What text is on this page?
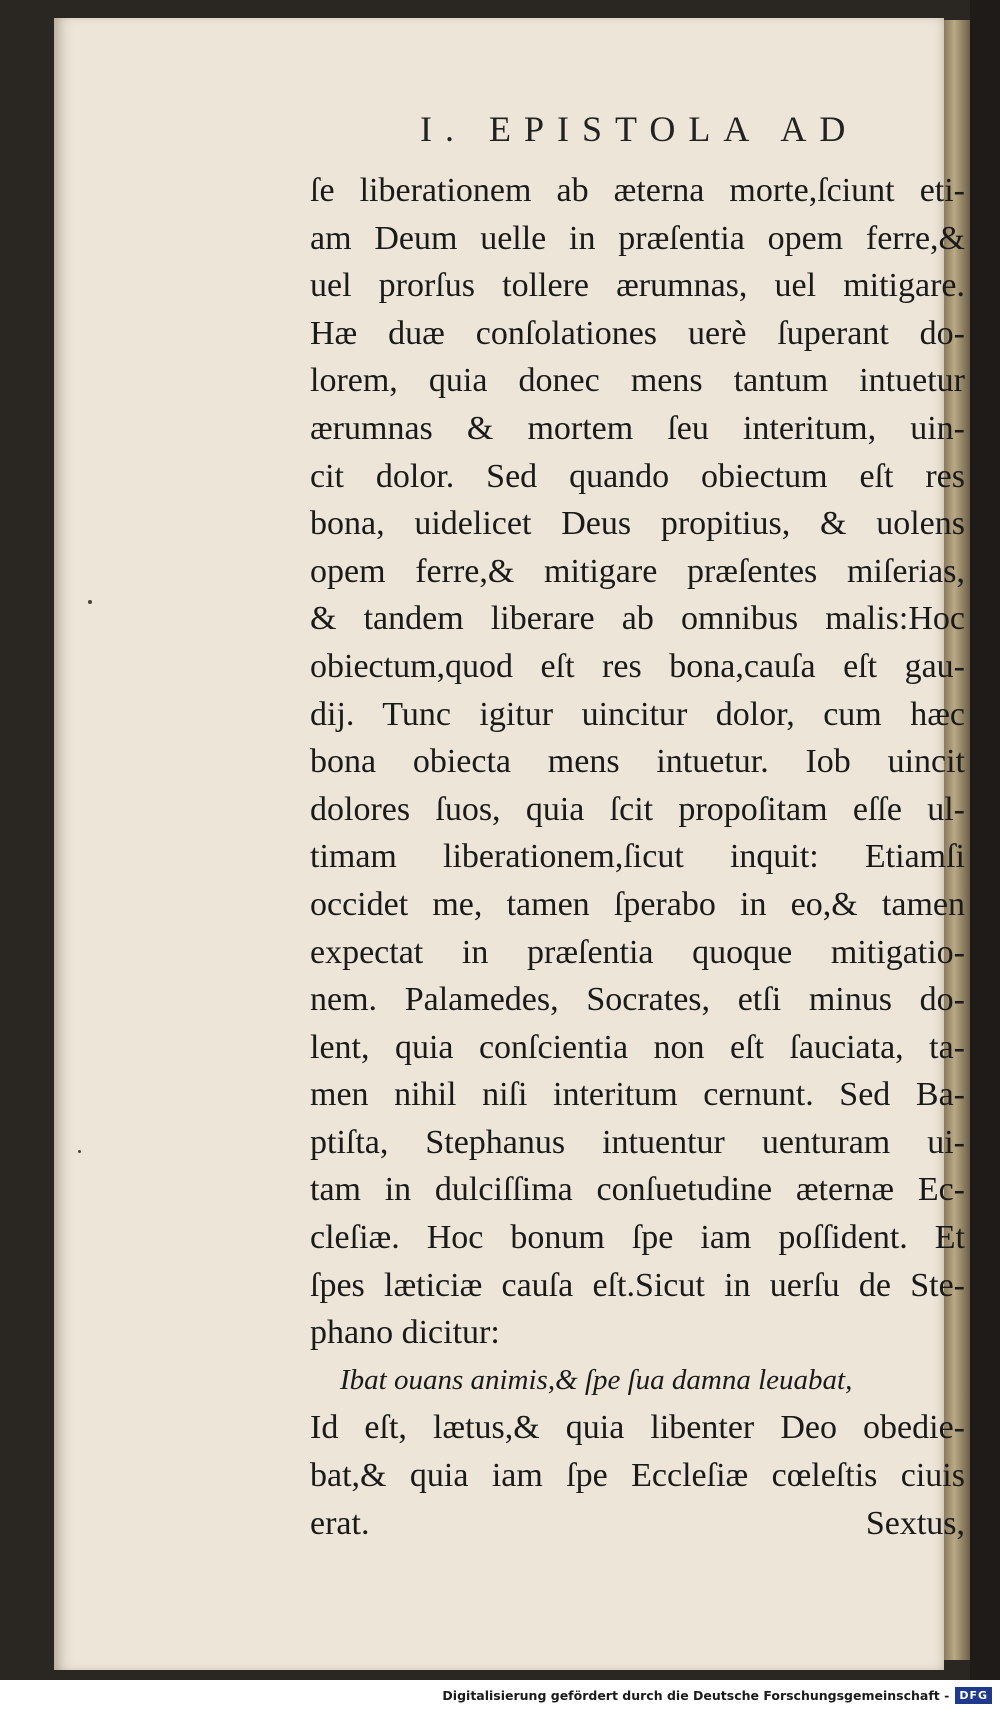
I. EPISTOLA AD
ſe liberationem ab æterna morte,ſciunt eti-
am Deum uelle in præſentia opem ferre,&
uel prorſus tollere ærumnas, uel mitigare.
Hæ duæ conſolationes uerè ſuperant do-
lorem, quia donec mens tantum intuetur
ærumnas & mortem ſeu interitum, uin-
cit dolor. Sed quando obiectum eſt res
bona, uidelicet Deus propitius, & uolens
opem ferre,& mitigare præſentes miſerias,
& tandem liberare ab omnibus malis:Hoc
obiectum,quod eſt res bona,cauſa eſt gau-
dij. Tunc igitur uincitur dolor, cum hæc
bona obiecta mens intuetur. Iob uincit
dolores ſuos, quia ſcit propoſitam eſſe ul-
timam liberationem,ſicut inquit: Etiamſi
occidet me, tamen ſperabo in eo,& tamen
expectat in præſentia quoque mitigatio-
nem. Palamedes, Socrates, etſi minus do-
lent, quia conſcientia non eſt ſauciata, ta-
men nihil niſi interitum cernunt. Sed Ba-
ptiſta, Stephanus intuentur uenturam ui-
tam in dulciſſima conſuetudine æternæ Ec-
cleſiæ. Hoc bonum ſpe iam poſſident. Et
ſpes læticiæ cauſa eſt.Sicut in uerſu de Ste-
phano dicitur:
Ibat ouans animis,& ſpe ſua damna leuabat,
Id eſt, lætus,& quia libenter Deo obedie-
bat,& quia iam ſpe Eccleſiæ cœleſtis ciuis
erat.	Sextus,
Digitalisierung gefördert durch die Deutsche Forschungsgemeinschaft - DFG
